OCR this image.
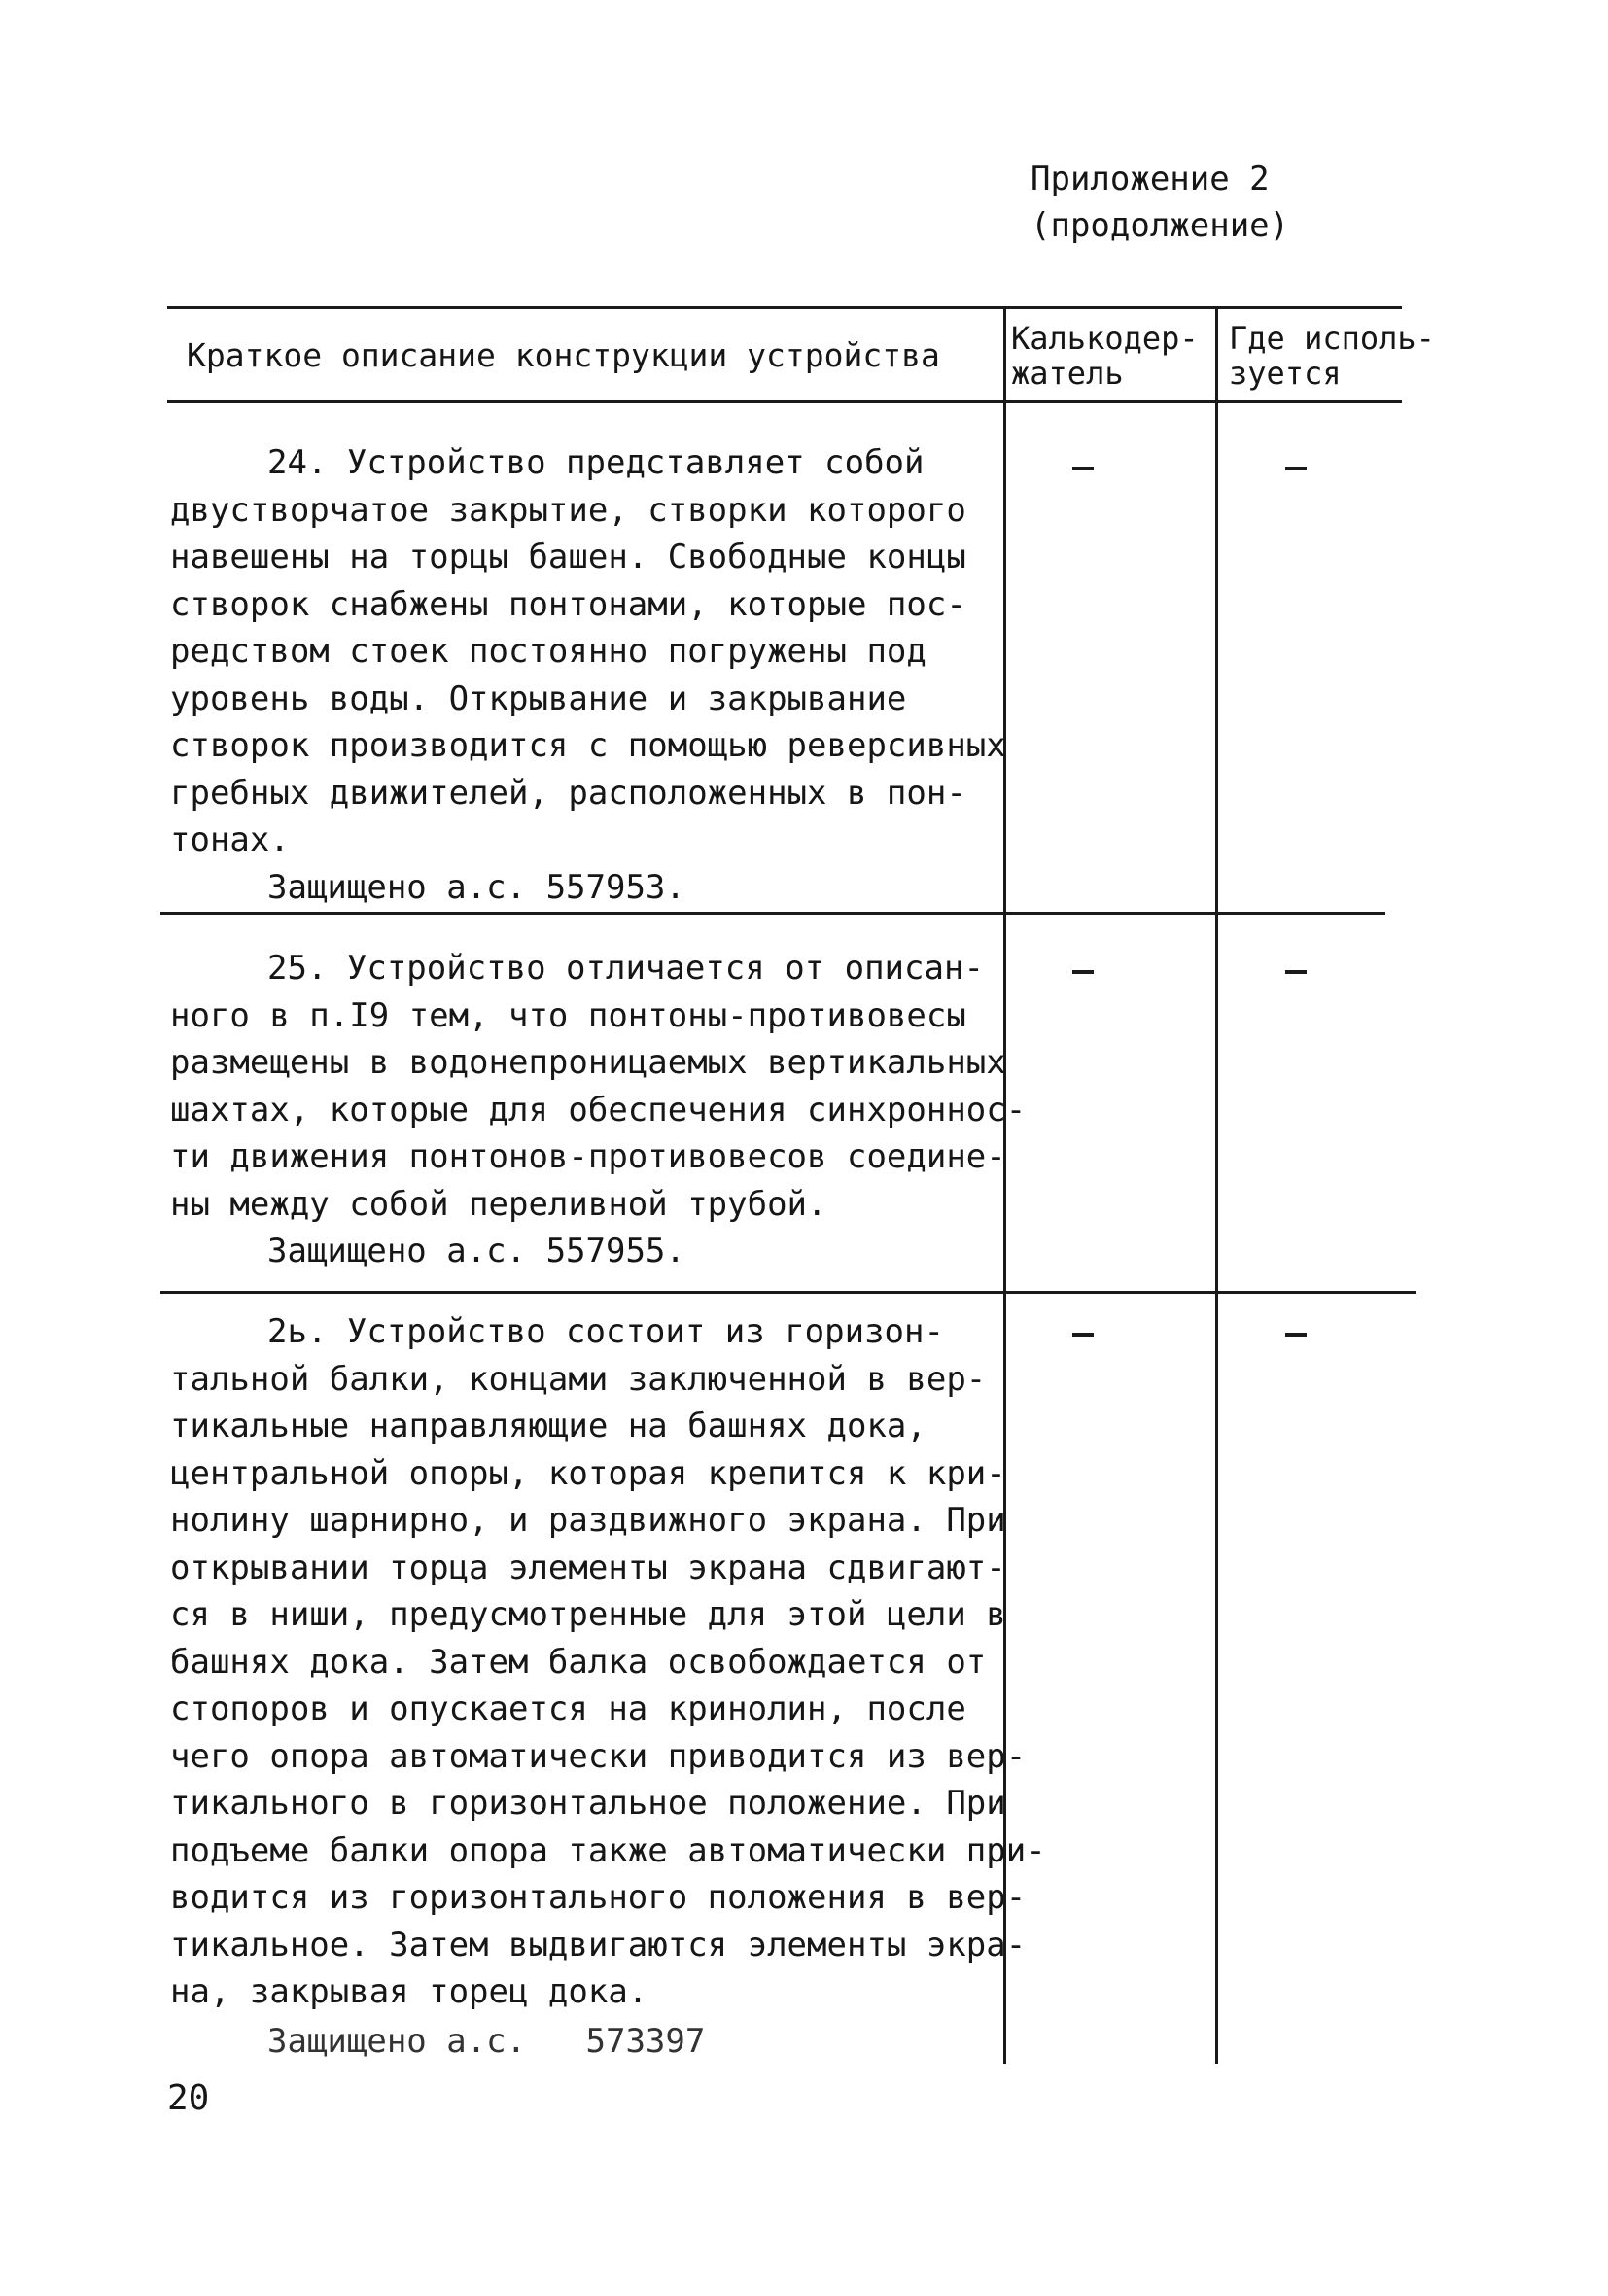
Приложение 2
(продолжение)
Краткое описание конструкции устройства Калькодер-
жатель
Где исполь-
зуется
24. Устройство представляет собой
двустворчатое закрытие, створки которого
навешены на торцы башен. Свободные концы
створок снабжены понтонами, которые пос-
редством стоек постоянно погружены под
уровень воды. Открывание и закрывание
створок производится с помощью реверсивных
гребных движителей, расположенных в пон-
тонах.
Защищено а.с. 557953.
25. Устройство отличается от описан-
ного в п.I9 тем, что понтоны-противовесы
размещены в водонепроницаемых вертикальных
шахтах, которые для обеспечения синхроннос-
ти движения понтонов-противовесов соедине-
ны между собой переливной трубой.
Защищено а.с. 557955.
2ь. Устройство состоит из горизон-
тальной балки, концами заключенной в вер-
тикальные направляющие на башнях дока,
центральной опоры, которая крепится к кри-
нолину шарнирно, и раздвижного экрана. При
открывании торца элементы экрана сдвигают-
ся в ниши, предусмотренные для этой цели в
башнях дока. Затем балка освобождается от
стопоров и опускается на кринолин, после
чего опора автоматически приводится из вер-
тикального в горизонтальное положение. При
подъеме балки опора также автоматически при-
водится из горизонтального положения в вер-
тикальное. Затем выдвигаются элементы экра-
на, закрывая торец дока.
Защищено а.с.   573397
20
